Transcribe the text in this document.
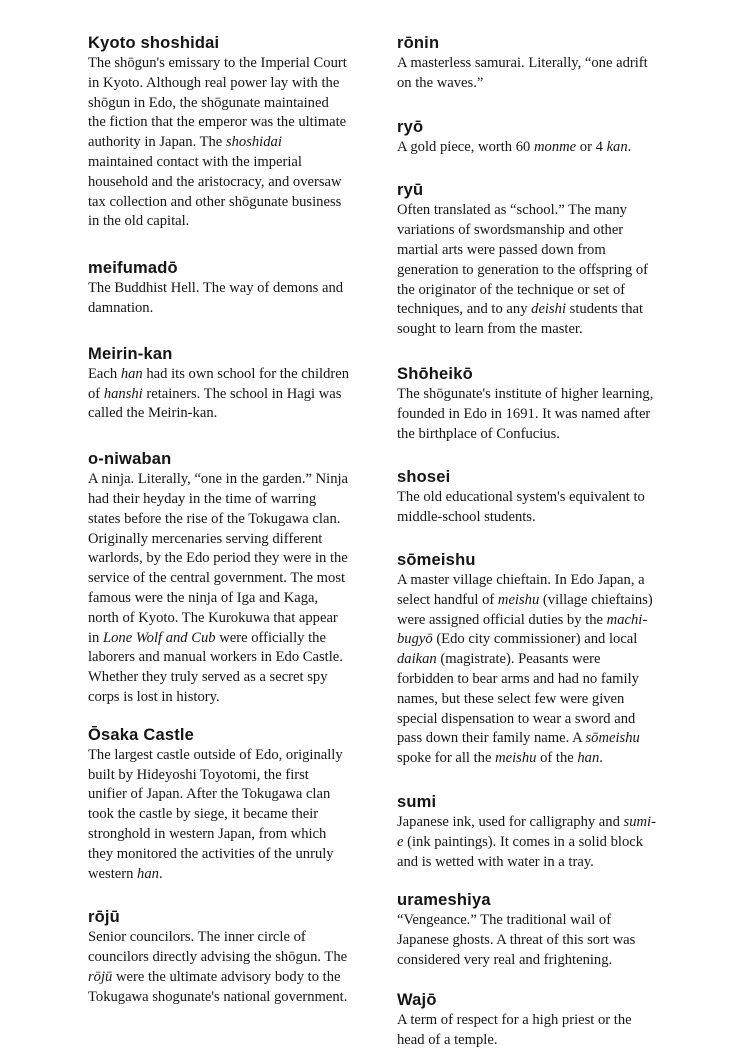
Kyoto shoshidai

The shōgun's emissary to the Imperial Court in Kyoto. Although real power lay with the shōgun in Edo, the shōgunate maintained the fiction that the emperor was the ultimate authority in Japan. The shoshidai maintained contact with the imperial household and the aristocracy, and oversaw tax collection and other shōgunate business in the old capital.

meifumadō

The Buddhist Hell. The way of demons and damnation.

Meirin-kan

Each han had its own school for the children of hanshi retainers. The school in Hagi was called the Meirin-kan.

o-niwaban

A ninja. Literally, “one in the garden.” Ninja had their heyday in the time of warring states before the rise of the Tokugawa clan. Originally mercenaries serving different warlords, by the Edo period they were in the service of the central government. The most famous were the ninja of Iga and Kaga, north of Kyoto. The Kurokuwa that appear in Lone Wolf and Cub were officially the laborers and manual workers in Edo Castle. Whether they truly served as a secret spy corps is lost in history.

Ōsaka Castle

The largest castle outside of Edo, originally built by Hideyoshi Toyotomi, the first unifier of Japan. After the Tokugawa clan took the castle by siege, it became their stronghold in western Japan, from which they monitored the activities of the unruly western han.

rōjū

Senior councilors. The inner circle of councilors directly advising the shōgun. The rōjū were the ultimate advisory body to the Tokugawa shogunate's national government.

rōnin

A masterless samurai. Literally, “one adrift on the waves.”

ryō

A gold piece, worth 60 monme or 4 kan.

ryū

Often translated as “school.” The many variations of swordsmanship and other martial arts were passed down from generation to generation to the offspring of the originator of the technique or set of techniques, and to any deishi students that sought to learn from the master.

Shōheikō

The shōgunate's institute of higher learning, founded in Edo in 1691. It was named after the birthplace of Confucius.

shosei

The old educational system's equivalent to middle-school students.

sōmeishu

A master village chieftain. In Edo Japan, a select handful of meishu (village chieftains) were assigned official duties by the machi-bugyō (Edo city commissioner) and local daikan (magistrate). Peasants were forbidden to bear arms and had no family names, but these select few were given special dispensation to wear a sword and pass down their family name. A sōmeishu spoke for all the meishu of the han.

sumi

Japanese ink, used for calligraphy and sumi-e (ink paintings). It comes in a solid block and is wetted with water in a tray.

urameshiya

“Vengeance.” The traditional wail of Japanese ghosts. A threat of this sort was considered very real and frightening.

Wajō

A term of respect for a high priest or the head of a temple.
